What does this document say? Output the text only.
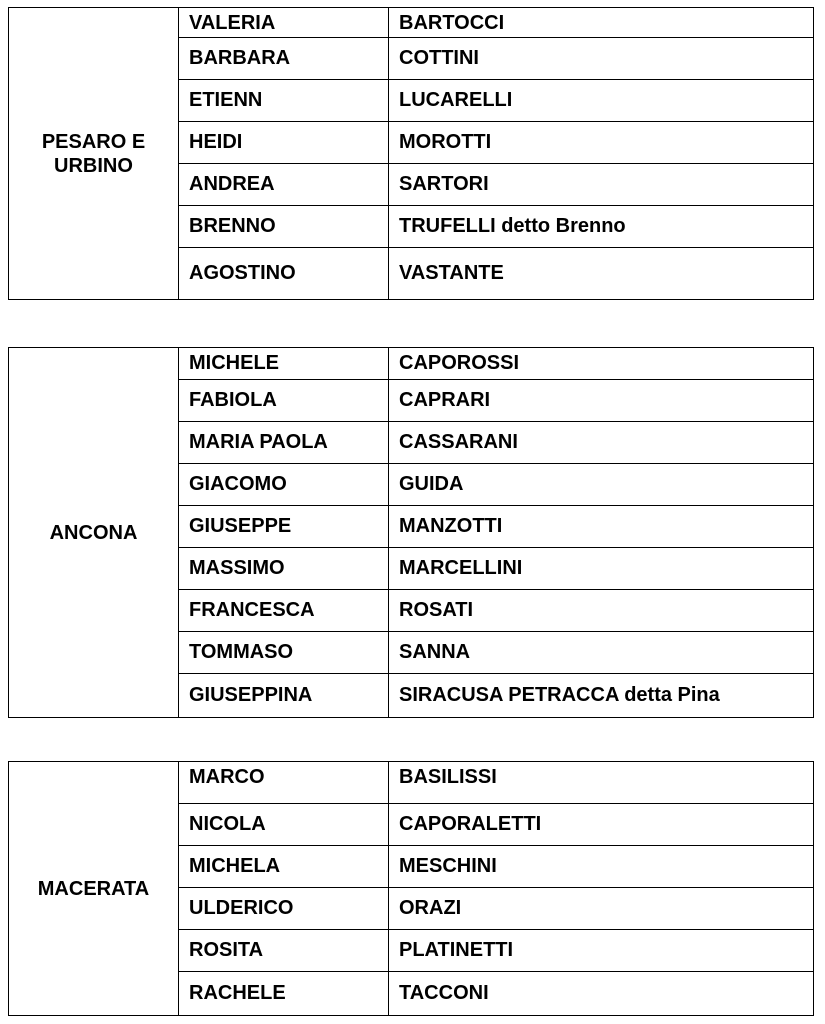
PESARO E URBINO	VALERIA	BARTOCCI
	BARBARA	COTTINI
	ETIENN	LUCARELLI
	HEIDI	MOROTTI
	ANDREA	SARTORI
	BRENNO	TRUFELLI detto Brenno
	AGOSTINO	VASTANTE
ANCONA	MICHELE	CAPOROSSI
	FABIOLA	CAPRARI
	MARIA PAOLA	CASSARANI
	GIACOMO	GUIDA
	GIUSEPPE	MANZOTTI
	MASSIMO	MARCELLINI
	FRANCESCA	ROSATI
	TOMMASO	SANNA
	GIUSEPPINA	SIRACUSA PETRACCA detta Pina
MACERATA	MARCO	BASILISSI
	NICOLA	CAPORALETTI
	MICHELA	MESCHINI
	ULDERICO	ORAZI
	ROSITA	PLATINETTI
	RACHELE	TACCONI
